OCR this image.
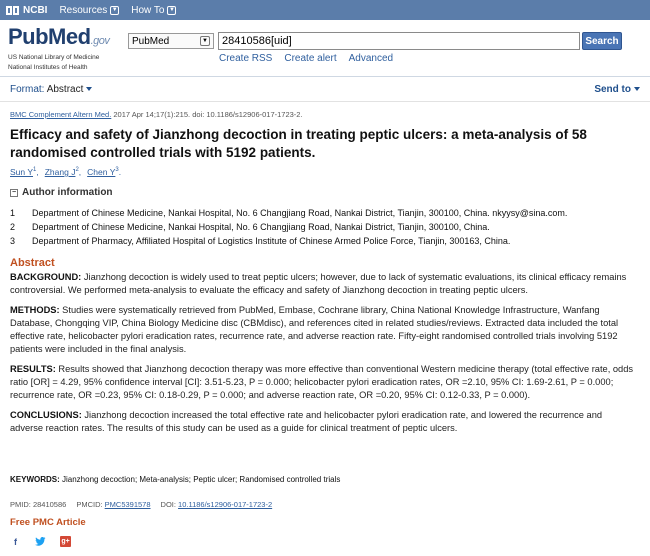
NCBI Resources ▼ How To ▼
PubMed.gov
US National Library of Medicine
National Institutes of Health
PubMed	▼
28410586[uid]	Search
Create RSS Create alert Advanced
Format: Abstract	Send to
BMC Complement Altern Med. 2017 Apr 14;17(1):215. doi: 10.1186/s12906-017-1723-2.
Efficacy and safety of Jianzhong decoction in treating peptic ulcers: a meta-analysis of 58 randomised controlled trials with 5192 patients.
Sun $Y^1$, Zhang $J^2$, Chen $Y^3$.
− Author information
1	Department of Chinese Medicine, Nankai Hospital, No. 6 Changjiang Road, Nankai District, Tianjin, 300100, China. nkyysy@sina.com.
2	Department of Chinese Medicine, Nankai Hospital, No. 6 Changjiang Road, Nankai District, Tianjin, 300100, China.
3	Department of Pharmacy, Affiliated Hospital of Logistics Institute of Chinese Armed Police Force, Tianjin, 300163, China.
Abstract

BACKGROUND: Jianzhong decoction is widely used to treat peptic ulcers; however, due to lack of systematic evaluations, its clinical efficacy remains controversial. We performed meta-analysis to evaluate the efficacy and safety of Jianzhong decoction in treating peptic ulcers.

METHODS: Studies were systematically retrieved from PubMed, Embase, Cochrane library, China National Knowledge Infrastructure, Wanfang Database, Chongqing VIP, China Biology Medicine disc (CBMdisc), and references cited in related studies/reviews. Extracted data included the total effective rate, helicobacter pylori eradication rates, recurrence rate, and adverse reaction rate. Fifty-eight randomised controlled trials involving 5192 patients were included in the final analysis.

RESULTS: Results showed that Jianzhong decoction therapy was more effective than conventional Western medicine therapy (total effective rate, odds ratio [OR] = 4.29, 95% confidence interval [CI]: 3.51-5.23, P = 0.000; helicobacter pylori eradication rates, OR =2.10, 95% CI: 1.69-2.61, P = 0.000; recurrence rate, OR =0.23, 95% CI: 0.18-0.29, P = 0.000; and adverse reaction rate, OR =0.20, 95% CI: 0.12-0.33, P = 0.000).

CONCLUSIONS: Jianzhong decoction increased the total effective rate and helicobacter pylori eradication rate, and lowered the recurrence and adverse reaction rates. The results of this study can be used as a guide for clinical treatment of peptic ulcers.

KEYWORDS: Jianzhong decoction; Meta-analysis; Peptic ulcer; Randomised controlled trials
PMID: 28410586 PMCID: PMC5391578 DOI: 10.1186/s12906-017-1723-2
Free PMC Article
f	g+
